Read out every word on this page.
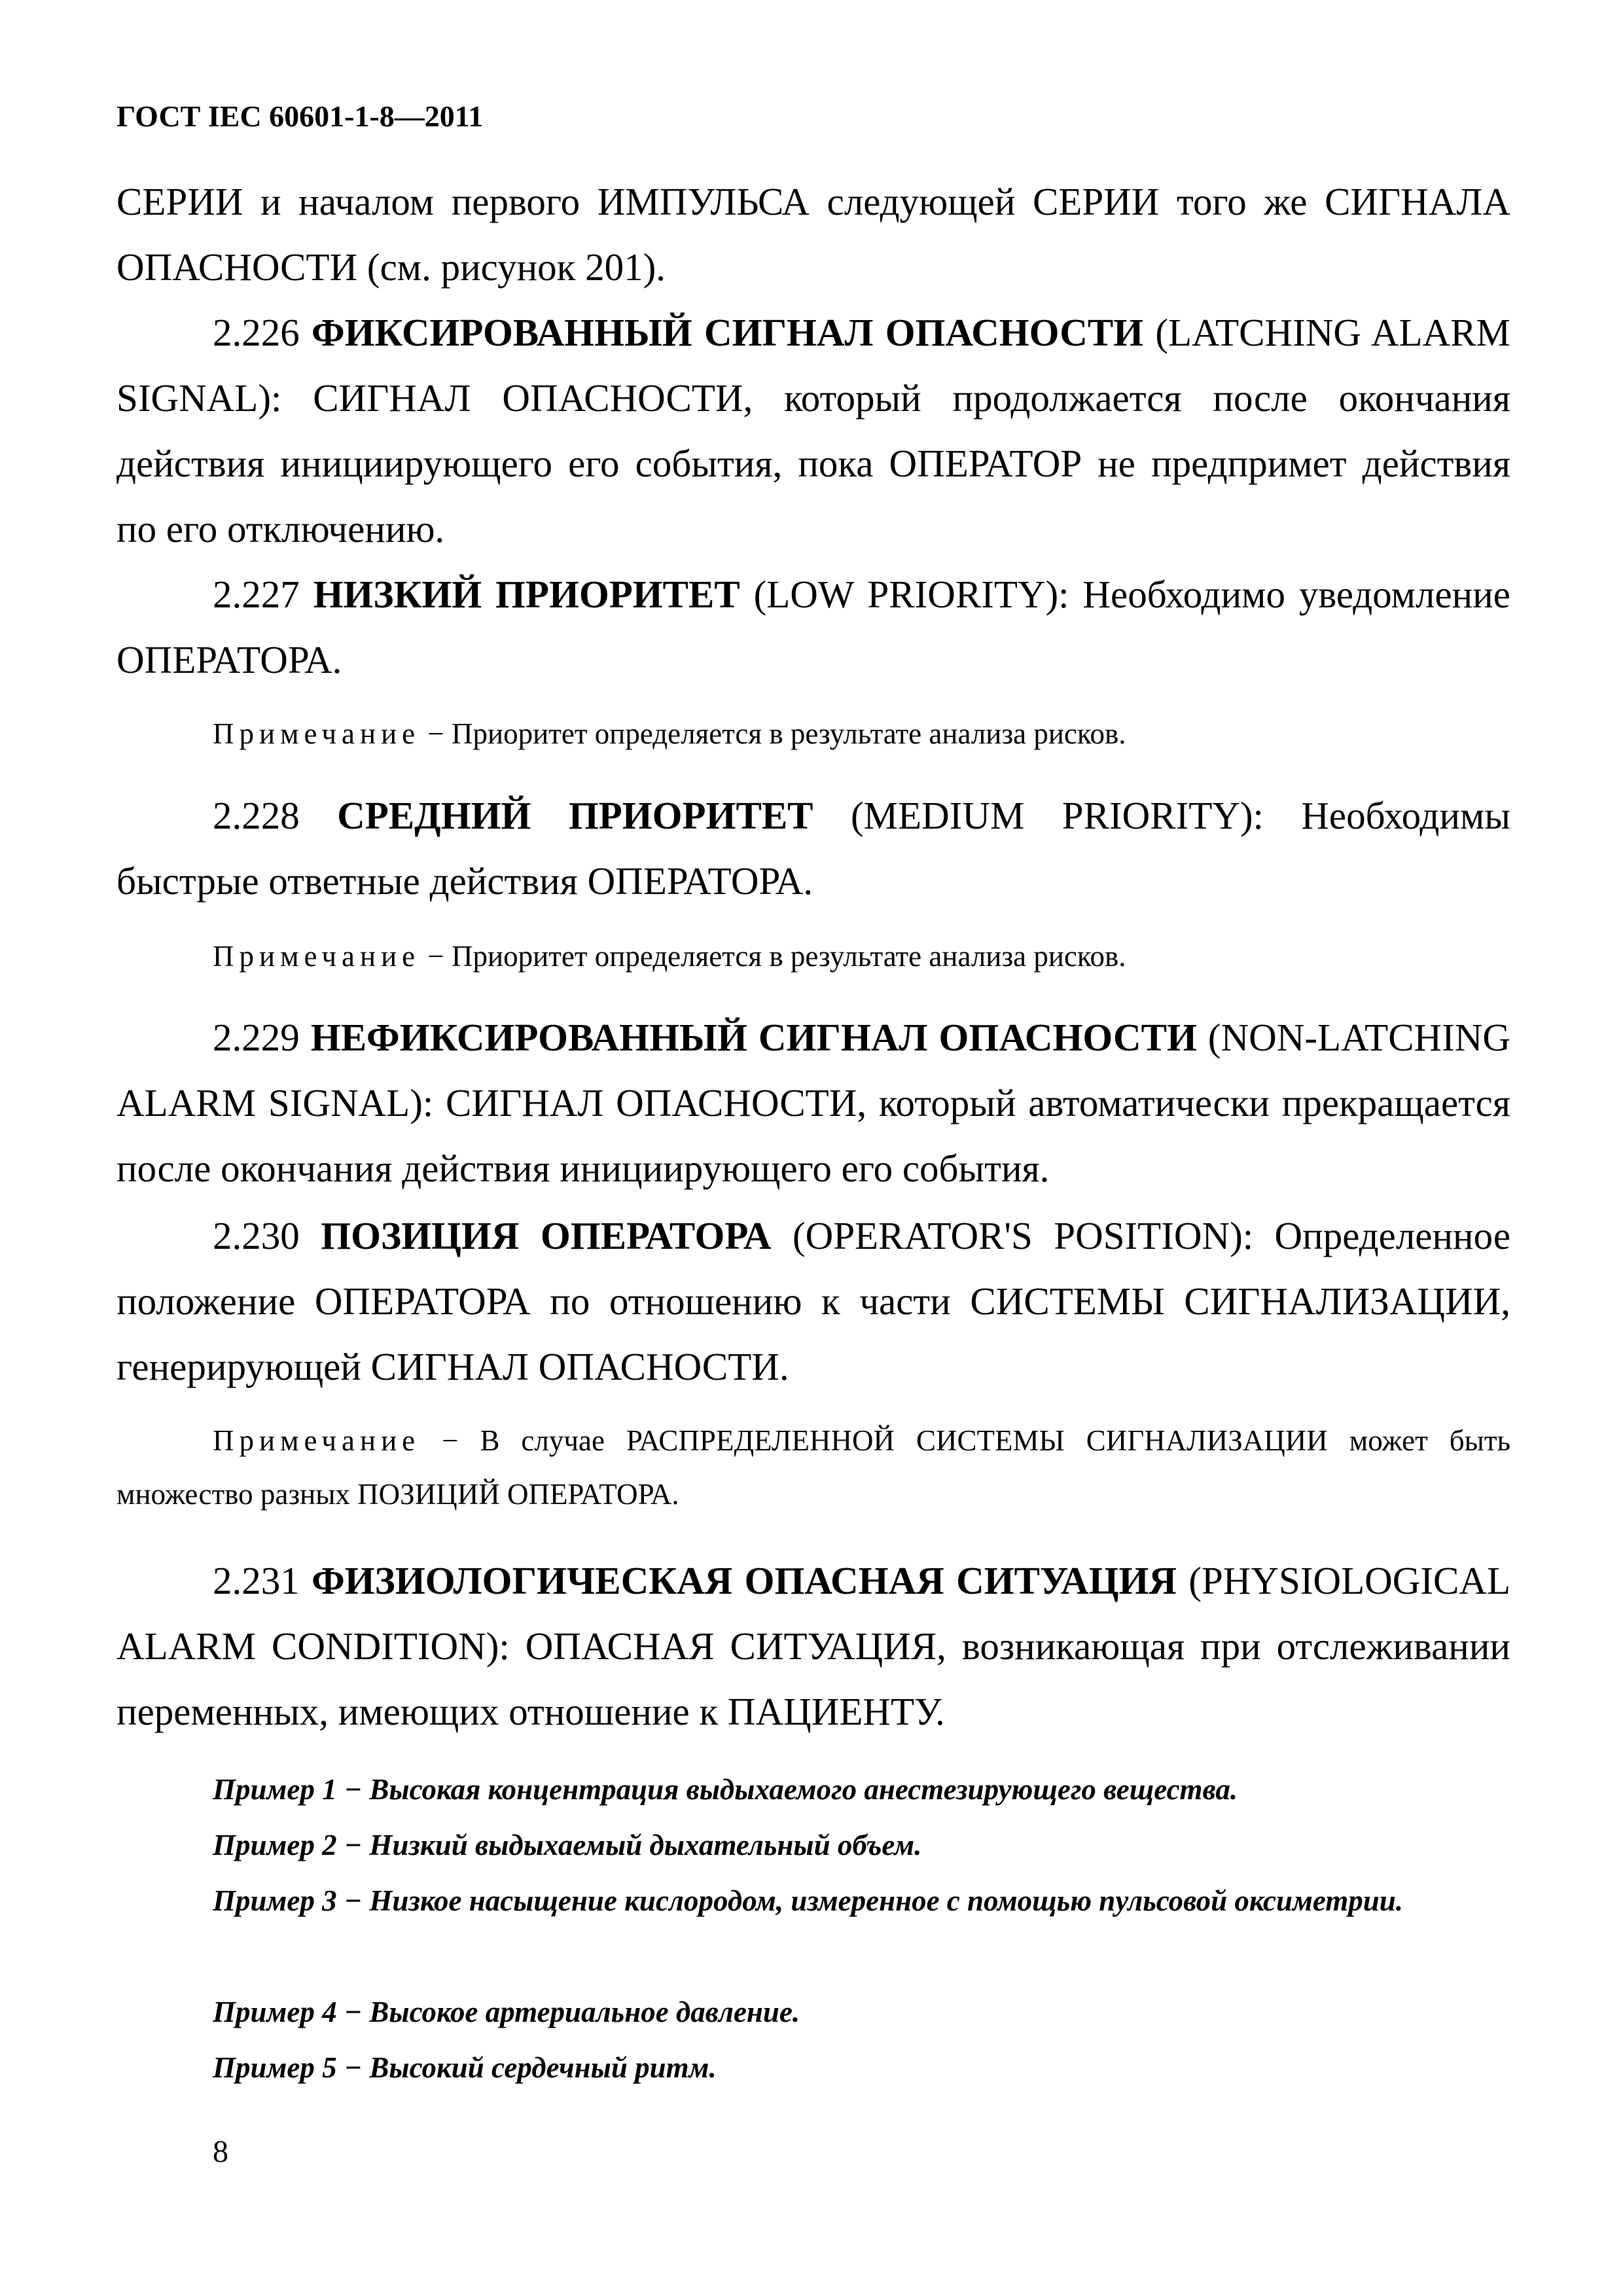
ГОСТ IEC 60601-1-8—2011

СЕРИИ и началом первого ИМПУЛЬСА следующей СЕРИИ того же СИГНАЛА ОПАСНОСТИ (см. рисунок 201).

2.226 ФИКСИРОВАННЫЙ СИГНАЛ ОПАСНОСТИ (LATCHING ALARM SIGNAL): СИГНАЛ ОПАСНОСТИ, который продолжается после окончания действия инициирующего его события, пока ОПЕРАТОР не предпримет действия по его отключению.

2.227 НИЗКИЙ ПРИОРИТЕТ (LOW PRIORITY): Необходимо уведомление ОПЕРАТОРА.

Примечание − Приоритет определяется в результате анализа рисков.

2.228 СРЕДНИЙ ПРИОРИТЕТ (MEDIUM PRIORITY): Необходимы быстрые ответные действия ОПЕРАТОРА.

Примечание − Приоритет определяется в результате анализа рисков.

2.229 НЕФИКСИРОВАННЫЙ СИГНАЛ ОПАСНОСТИ (NON-LATCHING ALARM SIGNAL): СИГНАЛ ОПАСНОСТИ, который автоматически прекращается после окончания действия инициирующего его события.

2.230 ПОЗИЦИЯ ОПЕРАТОРА (OPERATOR'S POSITION): Определенное положение ОПЕРАТОРА по отношению к части СИСТЕМЫ СИГНАЛИЗАЦИИ, генерирующей СИГНАЛ ОПАСНОСТИ.

Примечание − В случае РАСПРЕДЕЛЕННОЙ СИСТЕМЫ СИГНАЛИЗАЦИИ может быть множество разных ПОЗИЦИЙ ОПЕРАТОРА.

2.231 ФИЗИОЛОГИЧЕСКАЯ ОПАСНАЯ СИТУАЦИЯ (PHYSIOLOGICAL ALARM CONDITION): ОПАСНАЯ СИТУАЦИЯ, возникающая при отслеживании переменных, имеющих отношение к ПАЦИЕНТУ.

Пример 1 − Высокая концентрация выдыхаемого анестезирующего вещества.
Пример 2 − Низкий выдыхаемый дыхательный объем.
Пример 3 − Низкое насыщение кислородом, измеренное с помощью пульсовой оксиметрии.
Пример 4 − Высокое артериальное давление.
Пример 5 − Высокий сердечный ритм.
8
